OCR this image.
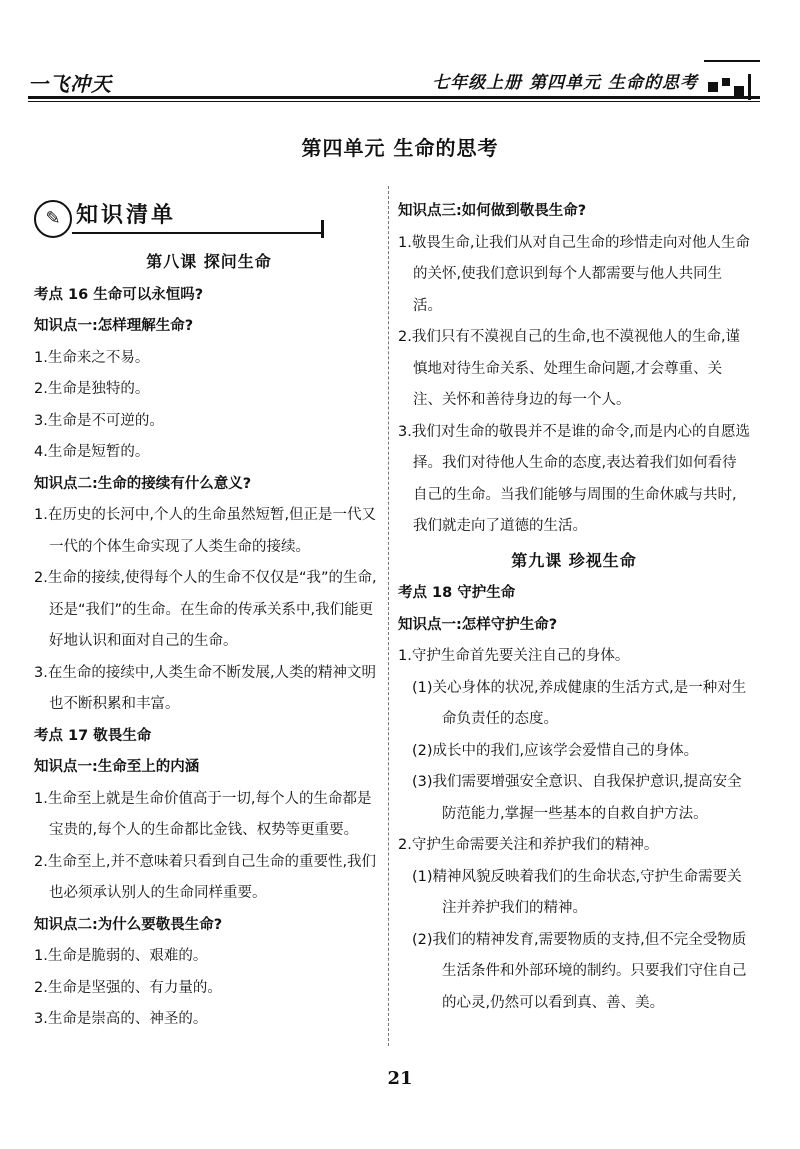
一飞冲天	七年级上册 第四单元 生命的思考
第四单元 生命的思考
✎ 知识清单
第八课 探问生命
考点 16 生命可以永恒吗?
知识点一:怎样理解生命?
1.生命来之不易。
2.生命是独特的。
3.生命是不可逆的。
4.生命是短暂的。
知识点二:生命的接续有什么意义?
1.在历史的长河中,个人的生命虽然短暂,但正是一代又一代的个体生命实现了人类生命的接续。
2.生命的接续,使得每个人的生命不仅仅是“我”的生命,还是“我们”的生命。在生命的传承关系中,我们能更好地认识和面对自己的生命。
3.在生命的接续中,人类生命不断发展,人类的精神文明也不断积累和丰富。
考点 17 敬畏生命
知识点一:生命至上的内涵
1.生命至上就是生命价值高于一切,每个人的生命都是宝贵的,每个人的生命都比金钱、权势等更重要。
2.生命至上,并不意味着只看到自己生命的重要性,我们也必须承认别人的生命同样重要。
知识点二:为什么要敬畏生命?
1.生命是脆弱的、艰难的。
2.生命是坚强的、有力量的。
3.生命是崇高的、神圣的。
知识点三:如何做到敬畏生命?
1.敬畏生命,让我们从对自己生命的珍惜走向对他人生命的关怀,使我们意识到每个人都需要与他人共同生活。
2.我们只有不漠视自己的生命,也不漠视他人的生命,谨慎地对待生命关系、处理生命问题,才会尊重、关注、关怀和善待身边的每一个人。
3.我们对生命的敬畏并不是谁的命令,而是内心的自愿选择。我们对待他人生命的态度,表达着我们如何看待自己的生命。当我们能够与周围的生命休戚与共时,我们就走向了道德的生活。
第九课 珍视生命
考点 18 守护生命
知识点一:怎样守护生命?
1.守护生命首先要关注自己的身体。
(1)关心身体的状况,养成健康的生活方式,是一种对生命负责任的态度。
(2)成长中的我们,应该学会爱惜自己的身体。
(3)我们需要增强安全意识、自我保护意识,提高安全防范能力,掌握一些基本的自救自护方法。
2.守护生命需要关注和养护我们的精神。
(1)精神风貌反映着我们的生命状态,守护生命需要关注并养护我们的精神。
(2)我们的精神发育,需要物质的支持,但不完全受物质生活条件和外部环境的制约。只要我们守住自己的心灵,仍然可以看到真、善、美。
21
